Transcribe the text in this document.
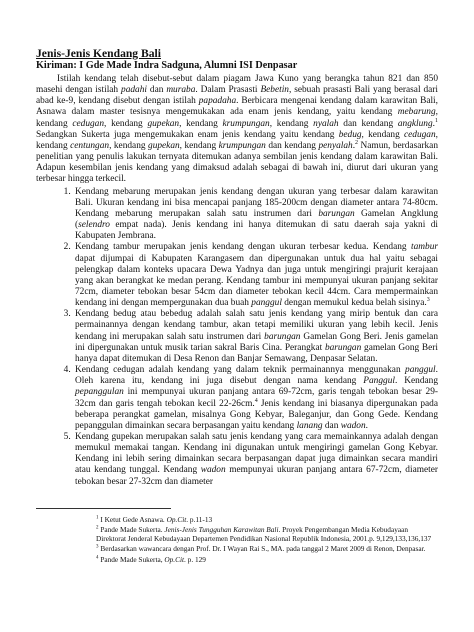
Jenis-Jenis Kendang Bali
Kiriman: I Gde Made Indra Sadguna, Alumni ISI Denpasar

Istilah kendang telah disebut-sebut dalam piagam Jawa Kuno yang berangka tahun 821 dan 850 masehi dengan istilah padahi dan muraba. Dalam Prasasti Bebetin, sebuah prasasti Bali yang berasal dari abad ke-9, kendang disebut dengan istilah papadaha. Berbicara mengenai kendang dalam karawitan Bali, Asnawa dalam master tesisnya mengemukakan ada enam jenis kendang, yaitu kendang mebarung, kendang cedugan, kendang gupekan, kendang krumpungan, kendang nyalah dan kendang angklung.$^1$ Sedangkan Sukerta juga mengemukakan enam jenis kendang yaitu kendang bedug, kendang cedugan, kendang centungan, kendang gupekan, kendang krumpungan dan kendang penyalah.$^2$ Namun, berdasarkan penelitian yang penulis lakukan ternyata ditemukan adanya sembilan jenis kendang dalam karawitan Bali. Adapun kesembilan jenis kendang yang dimaksud adalah sebagai di bawah ini, diurut dari ukuran yang terbesar hingga terkecil.

1. Kendang mebarung merupakan jenis kendang dengan ukuran yang terbesar dalam karawitan Bali. Ukuran kendang ini bisa mencapai panjang 185-200cm dengan diameter antara 74-80cm. Kendang mebarung merupakan salah satu instrumen dari barungan Gamelan Angklung (selendro empat nada). Jenis kendang ini hanya ditemukan di satu daerah saja yakni di Kabupaten Jembrana.
2. Kendang tambur merupakan jenis kendang dengan ukuran terbesar kedua. Kendang tambur dapat dijumpai di Kabupaten Karangasem dan dipergunakan untuk dua hal yaitu sebagai pelengkap dalam konteks upacara Dewa Yadnya dan juga untuk mengiringi prajurit kerajaan yang akan berangkat ke medan perang. Kendang tambur ini mempunyai ukuran panjang sekitar 72cm, diameter tebokan besar 54cm dan diameter tebokan kecil 44cm. Cara mempermainkan kendang ini dengan mempergunakan dua buah panggul dengan memukul kedua belah sisinya.$^3$
3. Kendang bedug atau bebedug adalah salah satu jenis kendang yang mirip bentuk dan cara permainannya dengan kendang tambur, akan tetapi memiliki ukuran yang lebih kecil. Jenis kendang ini merupakan salah satu instrumen dari barungan Gamelan Gong Beri. Jenis gamelan ini dipergunakan untuk musik tarian sakral Baris Cina. Perangkat barungan gamelan Gong Beri hanya dapat ditemukan di Desa Renon dan Banjar Semawang, Denpasar Selatan.
4. Kendang cedugan adalah kendang yang dalam teknik permainannya menggunakan panggul. Oleh karena itu, kendang ini juga disebut dengan nama kendang Panggul. Kendang pepanggulan ini mempunyai ukuran panjang antara 69-72cm, garis tengah tebokan besar 29-32cm dan garis tengah tebokan kecil 22-26cm.$^4$ Jenis kendang ini biasanya dipergunakan pada beberapa perangkat gamelan, misalnya Gong Kebyar, Baleganjur, dan Gong Gede. Kendang pepanggulan dimainkan secara berpasangan yaitu kendang lanang dan wadon.
5. Kendang gupekan merupakan salah satu jenis kendang yang cara memainkannya adalah dengan memukul memakai tangan. Kendang ini digunakan untuk mengiringi gamelan Gong Kebyar. Kendang ini lebih sering dimainkan secara berpasangan dapat juga dimainkan secara mandiri atau kendang tunggal. Kendang wadon mempunyai ukuran panjang antara 67-72cm, diameter tebokan besar 27-32cm dan diameter

$^1$ I Ketut Gede Asnawa. Op.Cit. p.11-13

$^2$ Pande Made Sukerta. Jenis-Jenis Tungguhan Karawitan Bali. Proyek Pengembangan Media Kebudayaan Direktorat Jenderal Kebudayaan Departemen Pendidikan Nasional Republik Indonesia, 2001.p. 9,129,133,136,137

$^3$ Berdasarkan wawancara dengan Prof. Dr. I Wayan Rai S., MA. pada tanggal 2 Maret 2009 di Renon, Denpasar.

$^4$ Pande Made Sukerta, Op.Cit. p. 129
